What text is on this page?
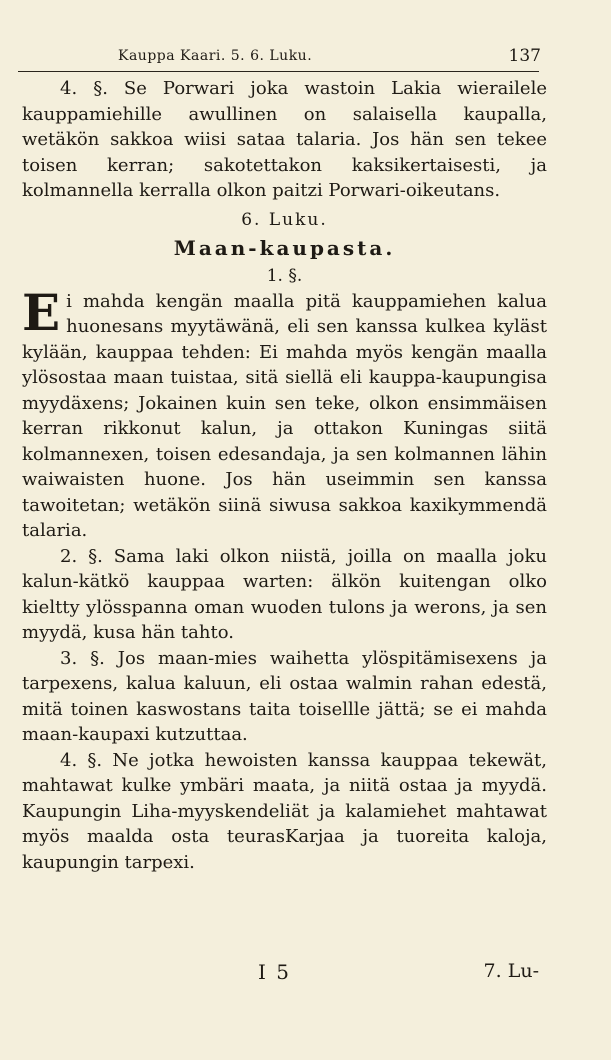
Kauppa Kaari. 5. 6. Luku.	137

4. §. Se Porwari joka wastoin Lakia wierailele kauppamiehille awullinen on salaisella kaupalla, wetäkön sakkoa wiisi sataa talaria. Jos hän sen tekee toisen kerran; sakotettakon kaksikertaisesti, ja kolmannella kerralla olkon paitzi Porwari-oikeutans.

6. Luku.

Maan-kaupasta.

1. §.

Ei mahda kengän maalla pitä kauppamiehen kalua huonesans myytäwänä, eli sen kanssa kulkea kyläst kylään, kauppaa tehden: Ei mahda myös kengän maalla ylösostaa maan tuistaa, sitä siellä eli kauppa-kaupungisa myydäxens; Jokainen kuin sen teke, olkon ensimmäisen kerran rikkonut kalun, ja ottakon Kuningas siitä kolmannexen, toisen edesandaja, ja sen kolmannen lähin waiwaisten huone. Jos hän useimmin sen kanssa tawoitetan; wetäkön siinä siwusa sakkoa kaxikymmendä talaria.

2. §. Sama laki olkon niistä, joilla on maalla joku kalun-kätkö kauppaa warten: älkön kuitengan olko kieltty ylösspanna oman wuoden tulons ja werons, ja sen myydä, kusa hän tahto.

3. §. Jos maan-mies waihetta ylöspitämisexens ja tarpexens, kalua kaluun, eli ostaa walmin rahan edestä, mitä toinen kaswostans taita toisellle jättä; se ei mahda maan-kaupaxi kutzuttaa.

4. §. Ne jotka hewoisten kanssa kauppaa tekewät, mahtawat kulke ymbäri maata, ja niitä ostaa ja myydä. Kaupungin Liha-myyskendeliät ja kalamiehet mahtawat myös maalda osta teurasKarjaa ja tuoreita kaloja, kaupungin tarpexi.

I 5	7. Lu-
